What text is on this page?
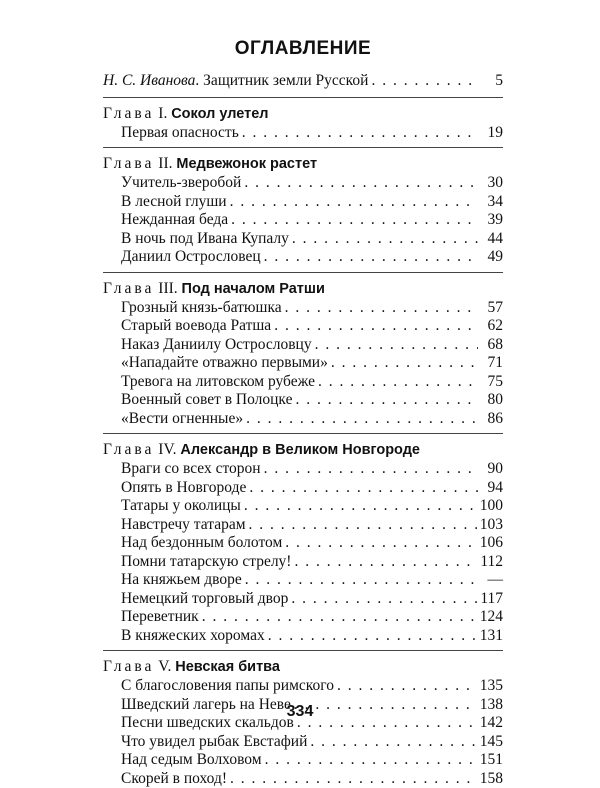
ОГЛАВЛЕНИЕ
Н. С. Иванова. Защитник земли Русской . . .	5
Глава I. Сокол улетел
Первая опасность . . .	19
Глава II. Медвежонок растет
Учитель-зверобой . . .	30
В лесной глуши . . .	34
Нежданная беда . . .	39
В ночь под Ивана Купалу . . .	44
Даниил Острословец . . .	49
Глава III. Под началом Ратши
Грозный князь-батюшка . . .	57
Старый воевода Ратша . . .	62
Наказ Даниилу Острословцу . . .	68
«Нападайте отважно первыми» . . .	71
Тревога на литовском рубеже . . .	75
Военный совет в Полоцке . . .	80
«Вести огненные» . . .	86
Глава IV. Александр в Великом Новгороде
Враги со всех сторон . . .	90
Опять в Новгороде . . .	94
Татары у околицы . . .	100
Навстречу татарам . . .	103
Над бездонным болотом . . .	106
Помни татарскую стрелу! . . .	112
На княжьем дворе . . .	—
Немецкий торговый двор . . .	117
Переветник . . .	124
В княжеских хоромах . . .	131
Глава V. Невская битва
С благословения папы римского . . .	135
Шведский лагерь на Неве . . .	138
Песни шведских скальдов . . .	142
Что увидел рыбак Евстафий . . .	145
Над седым Волховом . . .	151
Скорей в поход! . . .	158
334
